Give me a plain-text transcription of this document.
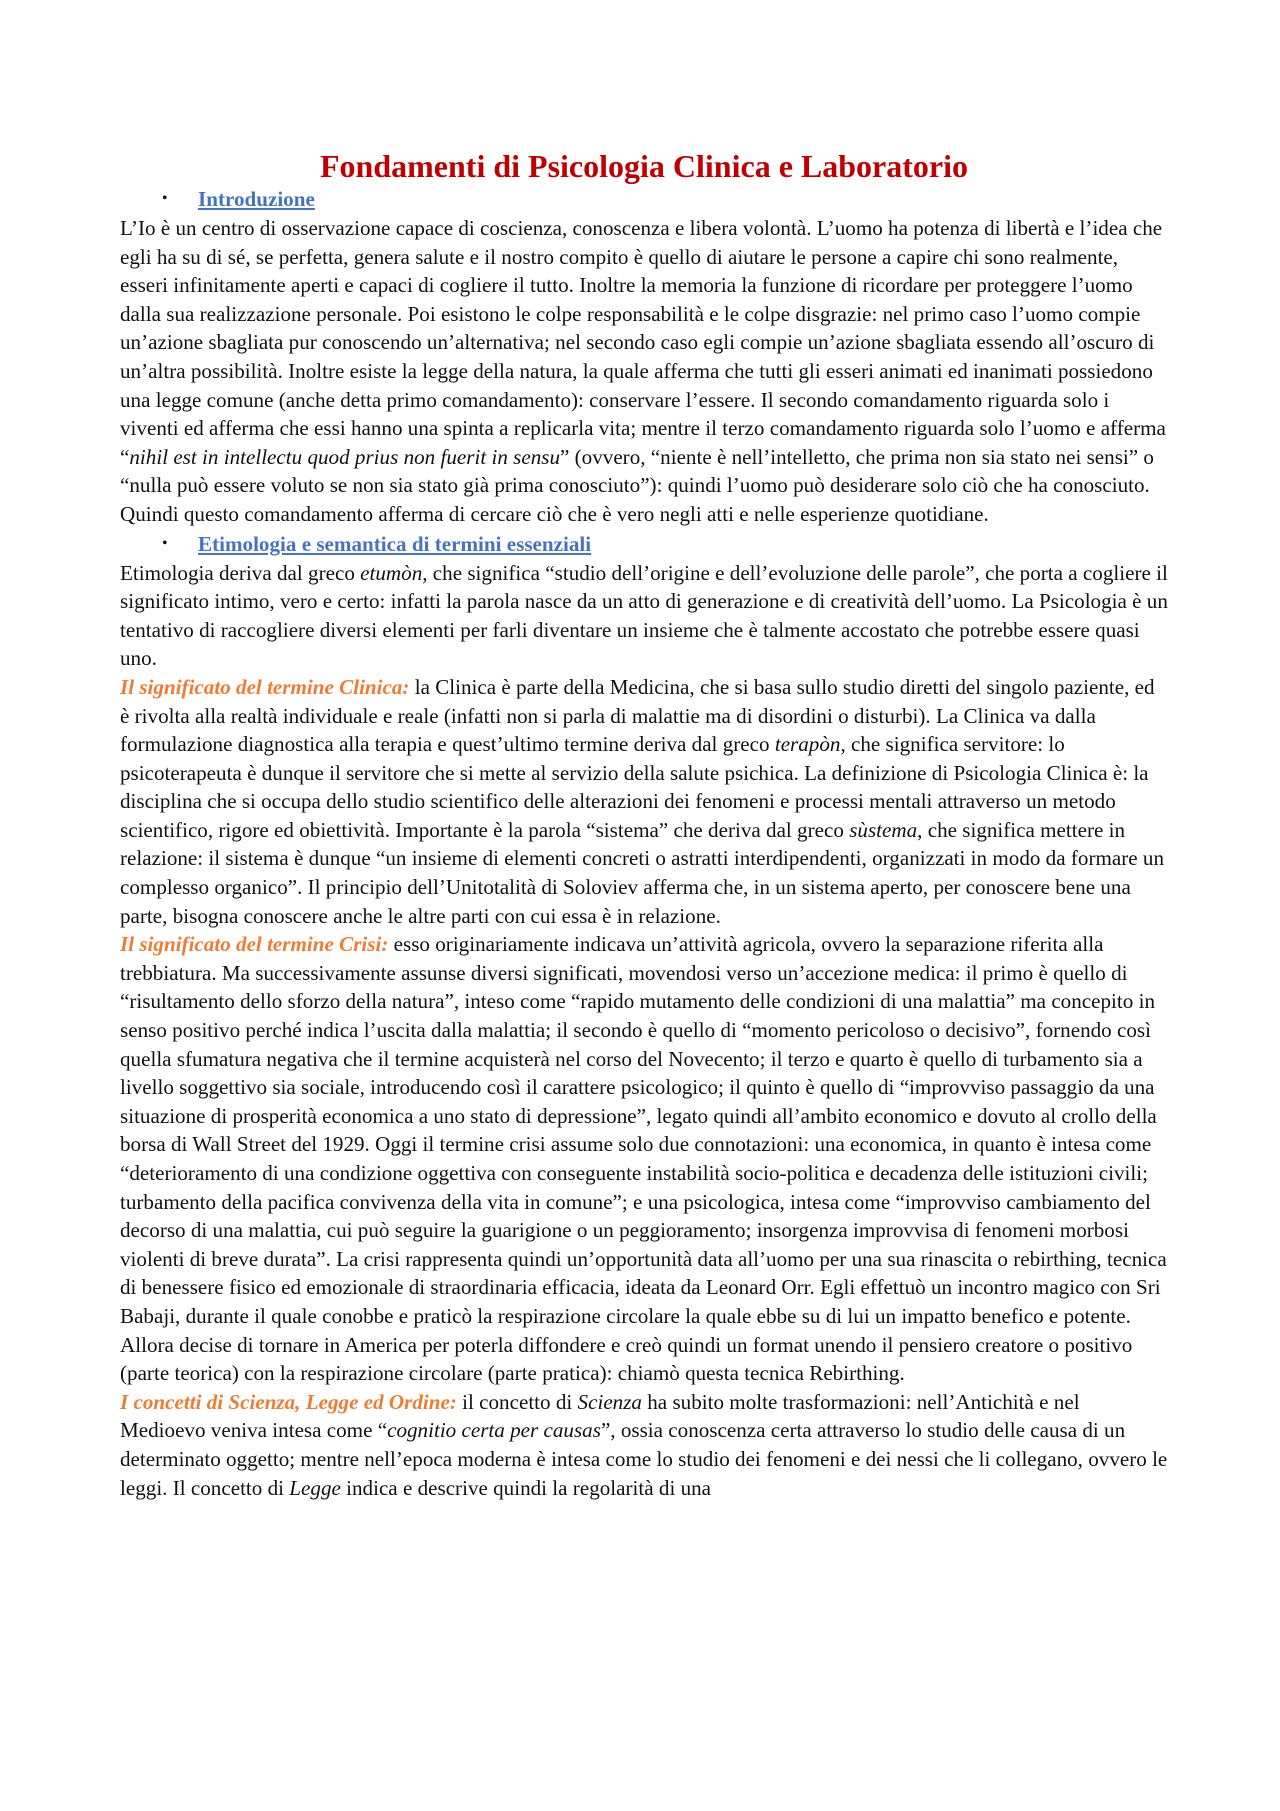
Fondamenti di Psicologia Clinica e Laboratorio
• Introduzione

L’Io è un centro di osservazione capace di coscienza, conoscenza e libera volontà. L’uomo ha potenza di libertà e l’idea che egli ha su di sé, se perfetta, genera salute e il nostro compito è quello di aiutare le persone a capire chi sono realmente, esseri infinitamente aperti e capaci di cogliere il tutto. Inoltre la memoria la funzione di ricordare per proteggere l’uomo dalla sua realizzazione personale. Poi esistono le colpe responsabilità e le colpe disgrazie: nel primo caso l’uomo compie un’azione sbagliata pur conoscendo un’alternativa; nel secondo caso egli compie un’azione sbagliata essendo all’oscuro di un’altra possibilità. Inoltre esiste la legge della natura, la quale afferma che tutti gli esseri animati ed inanimati possiedono una legge comune (anche detta primo comandamento): conservare l’essere. Il secondo comandamento riguarda solo i viventi ed afferma che essi hanno una spinta a replicarla vita; mentre il terzo comandamento riguarda solo l’uomo e afferma “nihil est in intellectu quod prius non fuerit in sensu” (ovvero, “niente è nell’intelletto, che prima non sia stato nei sensi” o “nulla può essere voluto se non sia stato già prima conosciuto”): quindi l’uomo può desiderare solo ciò che ha conosciuto. Quindi questo comandamento afferma di cercare ciò che è vero negli atti e nelle esperienze quotidiane.

• Etimologia e semantica di termini essenziali

Etimologia deriva dal greco etumòn, che significa “studio dell’origine e dell’evoluzione delle parole”, che porta a cogliere il significato intimo, vero e certo: infatti la parola nasce da un atto di generazione e di creatività dell’uomo. La Psicologia è un tentativo di raccogliere diversi elementi per farli diventare un insieme che è talmente accostato che potrebbe essere quasi uno.

Il significato del termine Clinica: la Clinica è parte della Medicina, che si basa sullo studio diretti del singolo paziente, ed è rivolta alla realtà individuale e reale (infatti non si parla di malattie ma di disordini o disturbi). La Clinica va dalla formulazione diagnostica alla terapia e quest’ultimo termine deriva dal greco terapòn, che significa servitore: lo psicoterapeuta è dunque il servitore che si mette al servizio della salute psichica. La definizione di Psicologia Clinica è: la disciplina che si occupa dello studio scientifico delle alterazioni dei fenomeni e processi mentali attraverso un metodo scientifico, rigore ed obiettività. Importante è la parola “sistema” che deriva dal greco sùstema, che significa mettere in relazione: il sistema è dunque “un insieme di elementi concreti o astratti interdipendenti, organizzati in modo da formare un complesso organico”. Il principio dell’Unitotalità di Soloviev afferma che, in un sistema aperto, per conoscere bene una parte, bisogna conoscere anche le altre parti con cui essa è in relazione.

Il significato del termine Crisi: esso originariamente indicava un’attività agricola, ovvero la separazione riferita alla trebbiatura. Ma successivamente assunse diversi significati, movendosi verso un’accezione medica: il primo è quello di “risultamento dello sforzo della natura”, inteso come “rapido mutamento delle condizioni di una malattia” ma concepito in senso positivo perché indica l’uscita dalla malattia; il secondo è quello di “momento pericoloso o decisivo”, fornendo così quella sfumatura negativa che il termine acquisterà nel corso del Novecento; il terzo e quarto è quello di turbamento sia a livello soggettivo sia sociale, introducendo così il carattere psicologico; il quinto è quello di “improvviso passaggio da una situazione di prosperità economica a uno stato di depressione”, legato quindi all’ambito economico e dovuto al crollo della borsa di Wall Street del 1929. Oggi il termine crisi assume solo due connotazioni: una economica, in quanto è intesa come “deterioramento di una condizione oggettiva con conseguente instabilità socio-politica e decadenza delle istituzioni civili; turbamento della pacifica convivenza della vita in comune”; e una psicologica, intesa come “improvviso cambiamento del decorso di una malattia, cui può seguire la guarigione o un peggioramento; insorgenza improvvisa di fenomeni morbosi violenti di breve durata”. La crisi rappresenta quindi un’opportunità data all’uomo per una sua rinascita o rebirthing, tecnica di benessere fisico ed emozionale di straordinaria efficacia, ideata da Leonard Orr. Egli effettuò un incontro magico con Sri Babaji, durante il quale conobbe e praticò la respirazione circolare la quale ebbe su di lui un impatto benefico e potente. Allora decise di tornare in America per poterla diffondere e creò quindi un format unendo il pensiero creatore o positivo (parte teorica) con la respirazione circolare (parte pratica): chiamò questa tecnica Rebirthing.

I concetti di Scienza, Legge ed Ordine: il concetto di Scienza ha subito molte trasformazioni: nell’Antichità e nel Medioevo veniva intesa come “cognitio certa per causas”, ossia conoscenza certa attraverso lo studio delle causa di un determinato oggetto; mentre nell’epoca moderna è intesa come lo studio dei fenomeni e dei nessi che li collegano, ovvero le leggi. Il concetto di Legge indica e descrive quindi la regolarità di una
